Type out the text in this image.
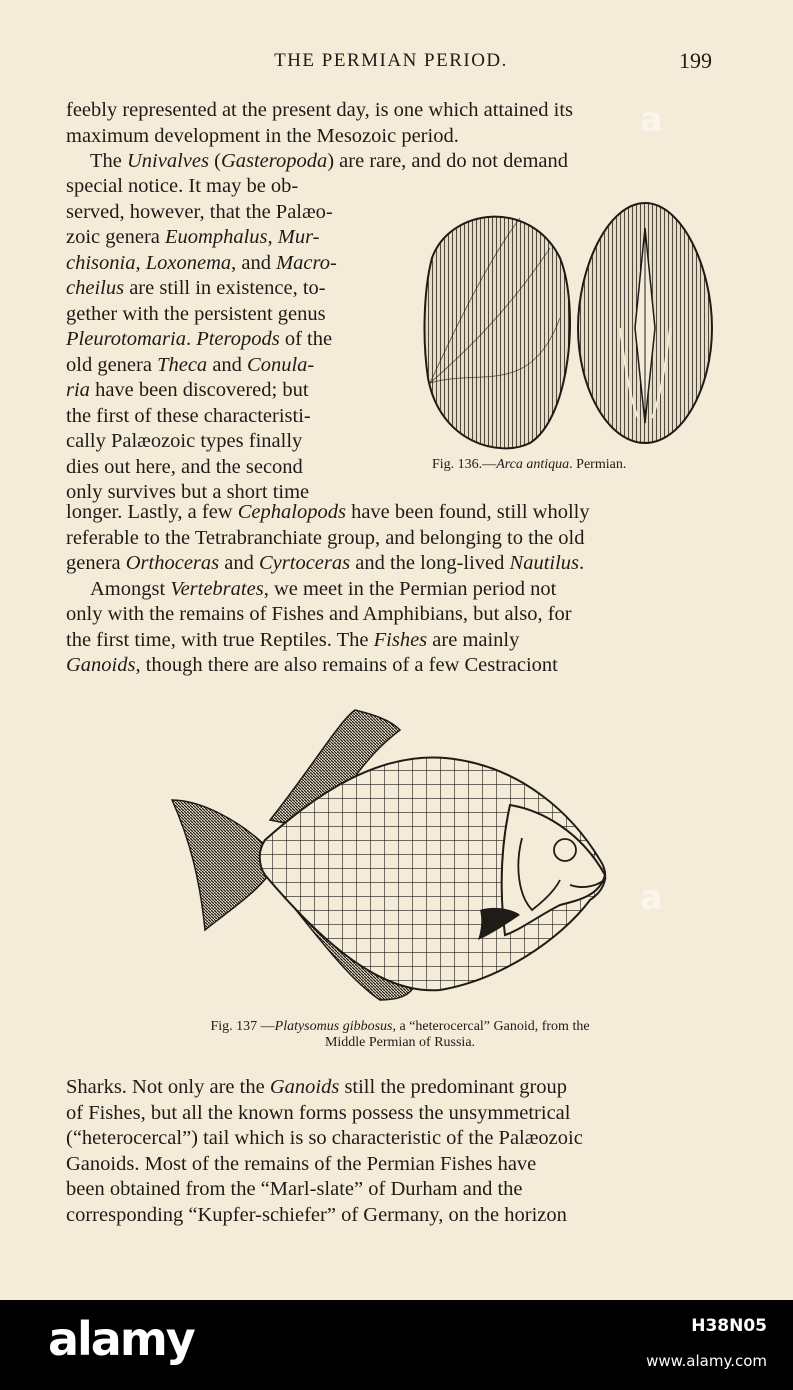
a
a
THE PERMIAN PERIOD.	199

feebly represented at the present day, is one which attained its
maximum development in the Mesozoic period.
The Univalves (Gasteropoda) are rare, and do not demand

special notice. It may be ob-
served, however, that the Palæo-
zoic genera Euomphalus, Mur-
chisonia, Loxonema, and Macro-
cheilus are still in existence, to-
gether with the persistent genus
Pleurotomaria. Pteropods of the
old genera Theca and Conula-
ria have been discovered; but
the first of these characteristi-
cally Palæozoic types finally
dies out here, and the second
only survives but a short time

Fig. 136.—Arca antiqua. Permian.

longer. Lastly, a few Cephalopods have been found, still wholly
referable to the Tetrabranchiate group, and belonging to the old
genera Orthoceras and Cyrtoceras and the long-lived Nautilus.
Amongst Vertebrates, we meet in the Permian period not
only with the remains of Fishes and Amphibians, but also, for
the first time, with true Reptiles. The Fishes are mainly
Ganoids, though there are also remains of a few Cestraciont

Fig. 137 —Platysomus gibbosus, a “heterocercal” Ganoid, from the
Middle Permian of Russia.

Sharks. Not only are the Ganoids still the predominant group
of Fishes, but all the known forms possess the unsymmetrical
(“heterocercal”) tail which is so characteristic of the Palæozoic
Ganoids. Most of the remains of the Permian Fishes have
been obtained from the “Marl-slate” of Durham and the
corresponding “Kupfer-schiefer” of Germany, on the horizon

alamy	H38N05
www.alamy.com
